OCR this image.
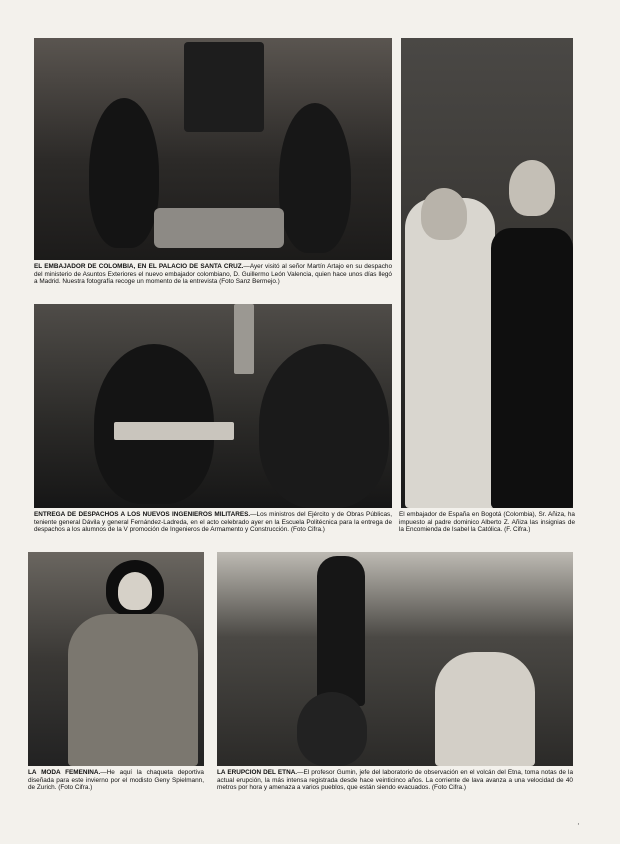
EL EMBAJADOR DE COLOMBIA, EN EL PALACIO DE SANTA CRUZ.—Ayer visitó al señor Martín Artajo en su despacho del ministerio de Asuntos Exteriores el nuevo embajador colombiano, D. Guillermo León Valencia, quien hace unos días llegó a Madrid. Nuestra fotografía recoge un momento de la entrevista (Foto Sanz Bermejo.)
ENTREGA DE DESPACHOS A LOS NUEVOS INGENIEROS MILITARES.—Los ministros del Ejército y de Obras Públicas, teniente general Dávila y general Fernández-Ladreda, en el acto celebrado ayer en la Escuela Politécnica para la entrega de despachos a los alumnos de la V promoción de Ingenieros de Armamento y Construcción. (Foto Cifra.)
El embajador de España en Bogotá (Colombia), Sr. Añiza, ha impuesto al padre dominico Alberto Z. Añiza las insignias de la Encomienda de Isabel la Católica. (F. Cifra.)
LA MODA FEMENINA.—He aquí la chaqueta deportiva diseñada para este invierno por el modisto Geny Spielmann, de Zurich. (Foto Cifra.)
LA ERUPCIÓN DEL ETNA.—El profesor Gumin, jefe del laboratorio de observación en el volcán del Etna, toma notas de la actual erupción, la más intensa registrada desde hace veinticinco años. La corriente de lava avanza a una velocidad de 40 metros por hora y amenaza a varios pueblos, que están siendo evacuados. (Foto Cifra.)
·
